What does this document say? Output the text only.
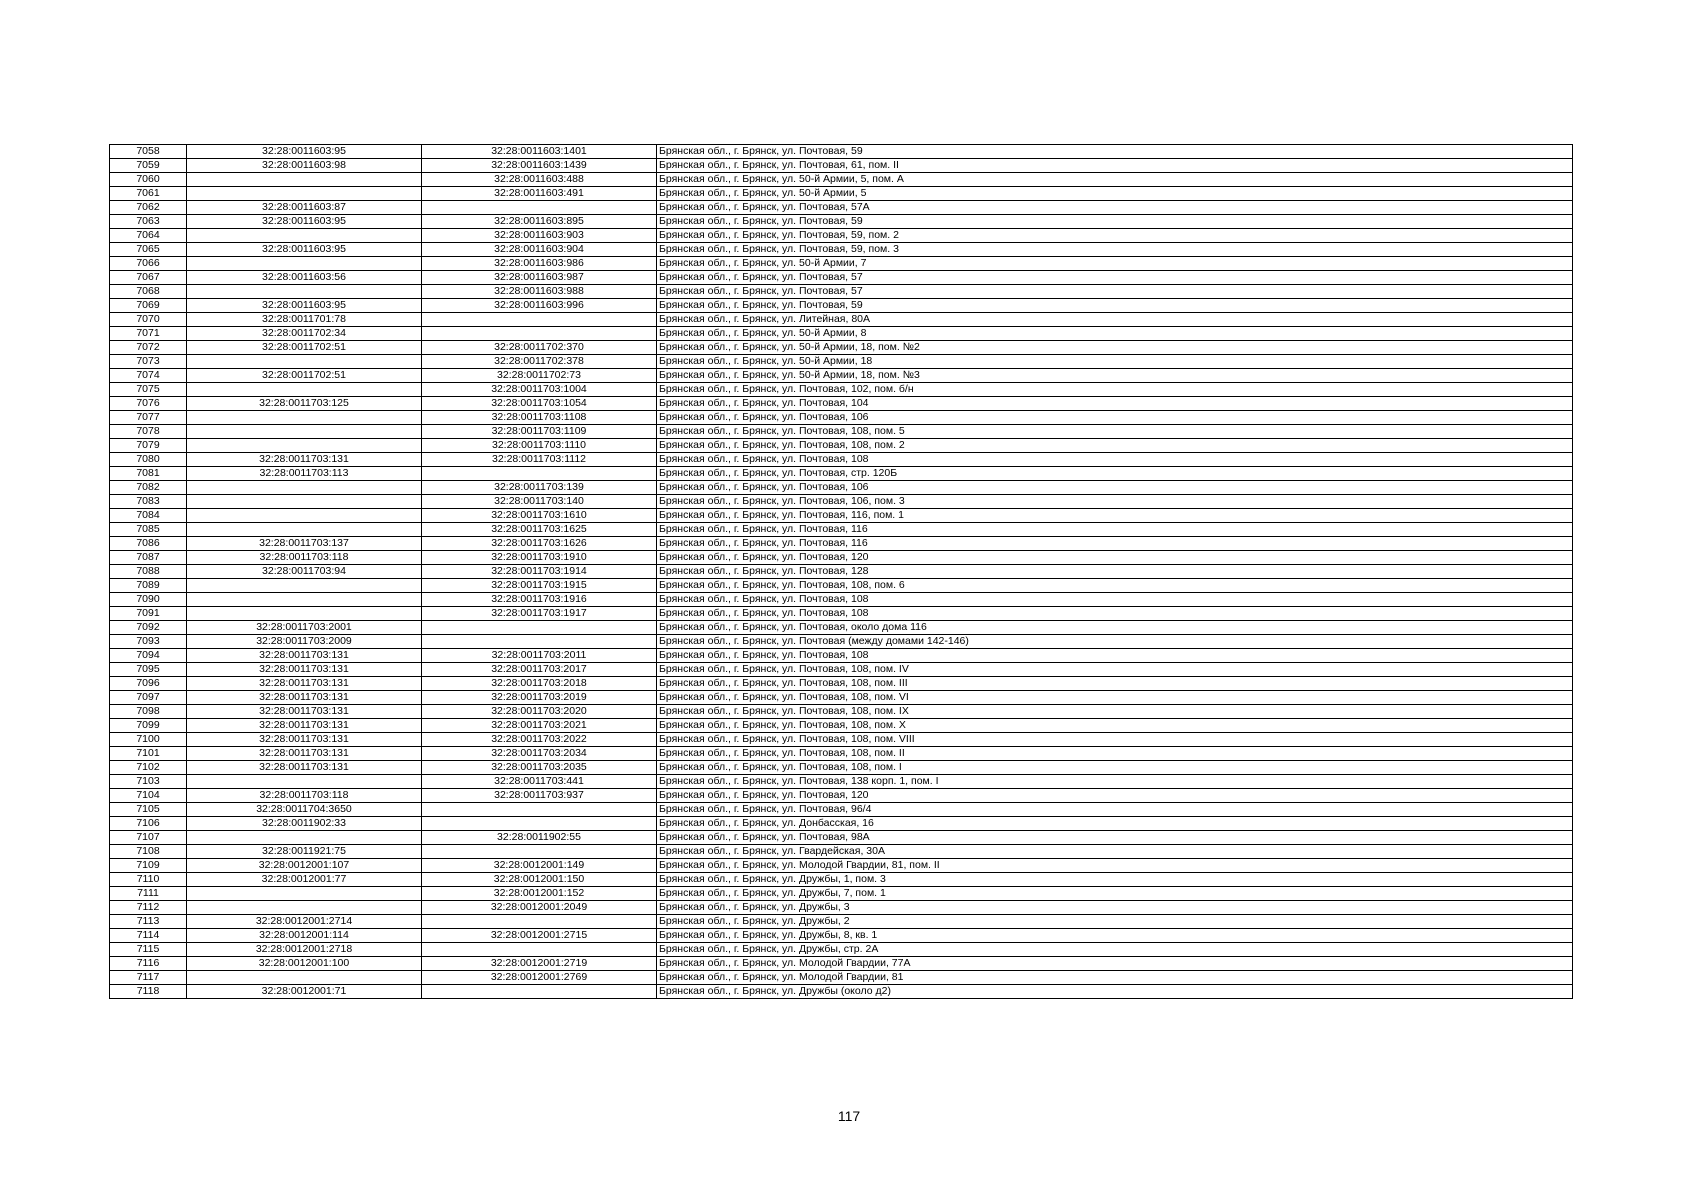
7058	32:28:0011603:95	32:28:0011603:1401	Брянская обл., г. Брянск, ул. Почтовая, 59
7059	32:28:0011603:98	32:28:0011603:1439	Брянская обл., г. Брянск, ул. Почтовая, 61, пом. II
7060		32:28:0011603:488	Брянская обл., г. Брянск, ул. 50-й Армии, 5, пом. А
7061		32:28:0011603:491	Брянская обл., г. Брянск, ул. 50-й Армии, 5
7062	32:28:0011603:87		Брянская обл., г. Брянск, ул. Почтовая, 57А
7063	32:28:0011603:95	32:28:0011603:895	Брянская обл., г. Брянск, ул. Почтовая, 59
7064		32:28:0011603:903	Брянская обл., г. Брянск, ул. Почтовая, 59, пом. 2
7065	32:28:0011603:95	32:28:0011603:904	Брянская обл., г. Брянск, ул. Почтовая, 59, пом. 3
7066		32:28:0011603:986	Брянская обл., г. Брянск, ул. 50-й Армии, 7
7067	32:28:0011603:56	32:28:0011603:987	Брянская обл., г. Брянск, ул. Почтовая, 57
7068		32:28:0011603:988	Брянская обл., г. Брянск, ул. Почтовая, 57
7069	32:28:0011603:95	32:28:0011603:996	Брянская обл., г. Брянск, ул. Почтовая, 59
7070	32:28:0011701:78		Брянская обл., г. Брянск, ул. Литейная, 80А
7071	32:28:0011702:34		Брянская обл., г. Брянск, ул. 50-й Армии, 8
7072	32:28:0011702:51	32:28:0011702:370	Брянская обл., г. Брянск, ул. 50-й Армии, 18, пом. №2
7073		32:28:0011702:378	Брянская обл., г. Брянск, ул. 50-й Армии, 18
7074	32:28:0011702:51	32:28:0011702:73	Брянская обл., г. Брянск, ул. 50-й Армии, 18, пом. №3
7075		32:28:0011703:1004	Брянская обл., г. Брянск, ул. Почтовая, 102, пом. б/н
7076	32:28:0011703:125	32:28:0011703:1054	Брянская обл., г. Брянск, ул. Почтовая, 104
7077		32:28:0011703:1108	Брянская обл., г. Брянск, ул. Почтовая, 106
7078		32:28:0011703:1109	Брянская обл., г. Брянск, ул. Почтовая, 108, пом. 5
7079		32:28:0011703:1110	Брянская обл., г. Брянск, ул. Почтовая, 108, пом. 2
7080	32:28:0011703:131	32:28:0011703:1112	Брянская обл., г. Брянск, ул. Почтовая, 108
7081	32:28:0011703:113		Брянская обл., г. Брянск, ул. Почтовая, стр. 120Б
7082		32:28:0011703:139	Брянская обл., г. Брянск, ул. Почтовая, 106
7083		32:28:0011703:140	Брянская обл., г. Брянск, ул. Почтовая, 106, пом. 3
7084		32:28:0011703:1610	Брянская обл., г. Брянск, ул. Почтовая, 116, пом. 1
7085		32:28:0011703:1625	Брянская обл., г. Брянск, ул. Почтовая, 116
7086	32:28:0011703:137	32:28:0011703:1626	Брянская обл., г. Брянск, ул. Почтовая, 116
7087	32:28:0011703:118	32:28:0011703:1910	Брянская обл., г. Брянск, ул. Почтовая, 120
7088	32:28:0011703:94	32:28:0011703:1914	Брянская обл., г. Брянск, ул. Почтовая, 128
7089		32:28:0011703:1915	Брянская обл., г. Брянск, ул. Почтовая, 108, пом. 6
7090		32:28:0011703:1916	Брянская обл., г. Брянск, ул. Почтовая, 108
7091		32:28:0011703:1917	Брянская обл., г. Брянск, ул. Почтовая, 108
7092	32:28:0011703:2001		Брянская обл., г. Брянск, ул. Почтовая, около дома 116
7093	32:28:0011703:2009		Брянская обл., г. Брянск, ул. Почтовая (между домами 142-146)
7094	32:28:0011703:131	32:28:0011703:2011	Брянская обл., г. Брянск, ул. Почтовая, 108
7095	32:28:0011703:131	32:28:0011703:2017	Брянская обл., г. Брянск, ул. Почтовая, 108, пом. IV
7096	32:28:0011703:131	32:28:0011703:2018	Брянская обл., г. Брянск, ул. Почтовая, 108, пом. III
7097	32:28:0011703:131	32:28:0011703:2019	Брянская обл., г. Брянск, ул. Почтовая, 108, пом. VI
7098	32:28:0011703:131	32:28:0011703:2020	Брянская обл., г. Брянск, ул. Почтовая, 108, пом. IX
7099	32:28:0011703:131	32:28:0011703:2021	Брянская обл., г. Брянск, ул. Почтовая, 108, пом. X
7100	32:28:0011703:131	32:28:0011703:2022	Брянская обл., г. Брянск, ул. Почтовая, 108, пом. VIII
7101	32:28:0011703:131	32:28:0011703:2034	Брянская обл., г. Брянск, ул. Почтовая, 108, пом. II
7102	32:28:0011703:131	32:28:0011703:2035	Брянская обл., г. Брянск, ул. Почтовая, 108, пом. I
7103		32:28:0011703:441	Брянская обл., г. Брянск, ул. Почтовая, 138 корп. 1, пом. I
7104	32:28:0011703:118	32:28:0011703:937	Брянская обл., г. Брянск, ул. Почтовая, 120
7105	32:28:0011704:3650		Брянская обл., г. Брянск, ул. Почтовая, 96/4
7106	32:28:0011902:33		Брянская обл., г. Брянск, ул. Донбасская, 16
7107		32:28:0011902:55	Брянская обл., г. Брянск, ул. Почтовая, 98А
7108	32:28:0011921:75		Брянская обл., г. Брянск, ул. Гвардейская, 30А
7109	32:28:0012001:107	32:28:0012001:149	Брянская обл., г. Брянск, ул. Молодой Гвардии, 81, пом. II
7110	32:28:0012001:77	32:28:0012001:150	Брянская обл., г. Брянск, ул. Дружбы, 1, пом. 3
7111		32:28:0012001:152	Брянская обл., г. Брянск, ул. Дружбы, 7, пом. 1
7112		32:28:0012001:2049	Брянская обл., г. Брянск, ул. Дружбы, 3
7113	32:28:0012001:2714		Брянская обл., г. Брянск, ул. Дружбы, 2
7114	32:28:0012001:114	32:28:0012001:2715	Брянская обл., г. Брянск, ул. Дружбы, 8, кв. 1
7115	32:28:0012001:2718		Брянская обл., г. Брянск, ул. Дружбы, стр. 2А
7116	32:28:0012001:100	32:28:0012001:2719	Брянская обл., г. Брянск, ул. Молодой Гвардии, 77А
7117		32:28:0012001:2769	Брянская обл., г. Брянск, ул. Молодой Гвардии, 81
7118	32:28:0012001:71		Брянская обл., г. Брянск, ул. Дружбы (около д2)
117
